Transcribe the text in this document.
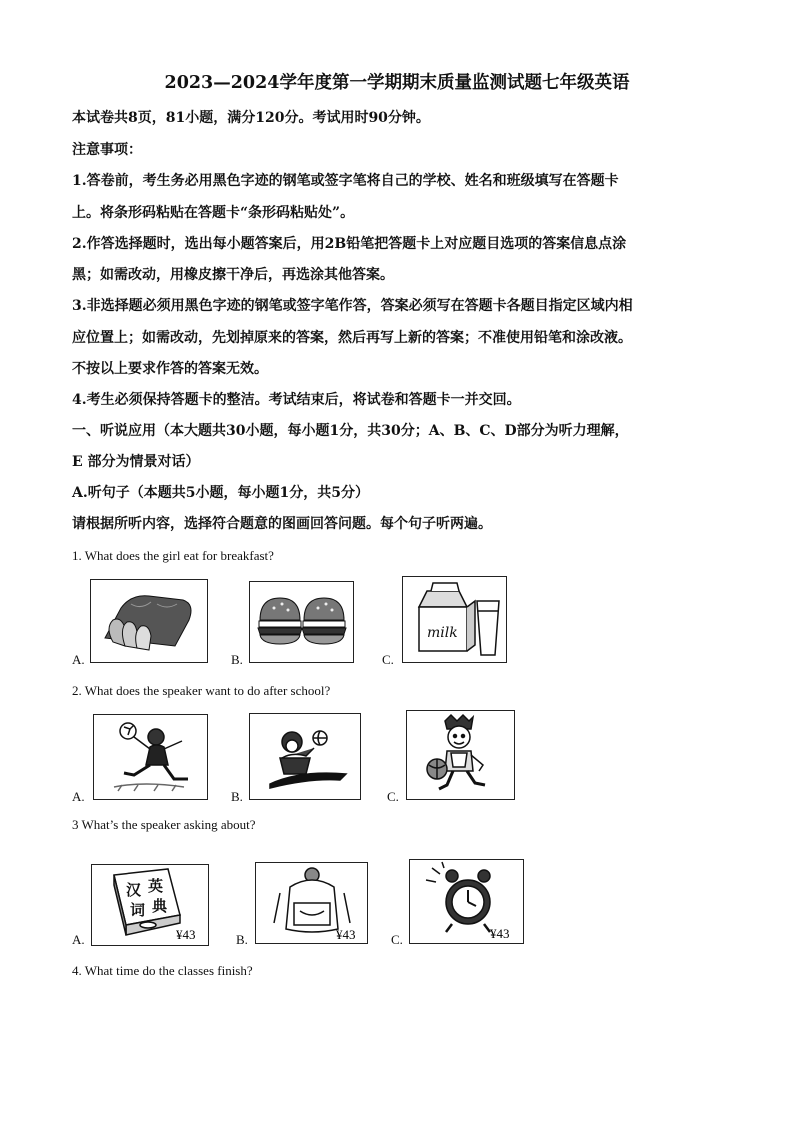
2023—2024学年度第一学期期末质量监测试题七年级英语
本试卷共8页，81小题，满分120分。考试用时90分钟。
注意事项：
1.答卷前，考生务必用黑色字迹的钢笔或签字笔将自己的学校、姓名和班级填写在答题卡
上。将条形码粘贴在答题卡“条形码粘贴处”。
2.作答选择题时，选出每小题答案后，用2B铅笔把答题卡上对应题目选项的答案信息点涂
黑；如需改动，用橡皮擦干净后，再选涂其他答案。
3.非选择题必须用黑色字迹的钢笔或签字笔作答，答案必须写在答题卡各题目指定区域内相
应位置上；如需改动，先划掉原来的答案，然后再写上新的答案；不准使用铅笔和涂改液。
不按以上要求作答的答案无效。
4.考生必须保持答题卡的整洁。考试结束后，将试卷和答题卡一并交回。
一、听说应用（本大题共30小题，每小题1分，共30分；A、B、C、D部分为听力理解，
E 部分为情景对话）
A.听句子（本题共5小题，每小题1分，共5分）
请根据所听内容，选择符合题意的图画回答问题。每个句子听两遍。
1. What does the girl eat for breakfast?
A.	B.	C.
milk
2. What does the speaker want to do after school?
A.	B.	C.
3 What’s the speaker asking about?
A.
汉 英
词 典
¥43	B.	¥43	C.	¥43
4. What time do the classes finish?
